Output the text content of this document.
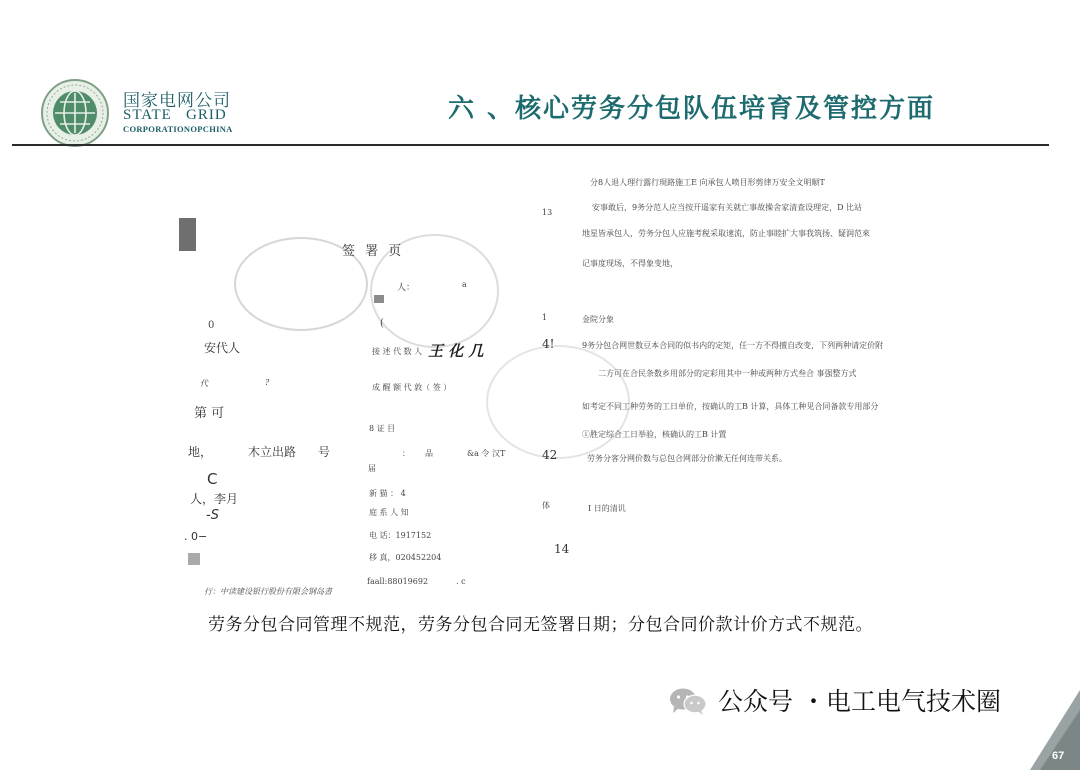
国家电网公司
STATE   GRID
CORPORATIONOPCHINA
六 、核心劳务分包队伍培育及管控方面
签 署 页
0
安代人
代	?
第 可
地，	木立出路 号
C
人，李月
-S
. 0−
行：中读建设银行股份有限会钢岛書
人：	a
(
接 述 代 数 人 王 化 几
成 醒 额 代 敦（ 签 ）
8 证 目
： 品	&a 令 汉T
届
新 猫 ： 4
庭 系 人 知
电 话：1917152
移 真，020452204
faall:88019692	. c
13
1
4!
42
体
14
分8人退人理行露行現路施工E 向承包人喷目形剪律万安全文明顺T
安事敢后，9务分范人应当按开遥家有关就亡事故操舍家清查设理定，D 比站
地星皆承包人，劳务分包人应施考税采取速流，防止事睦扩大事我筑扬、疑润范來
记事度现场，不得象变地，
金院分象
9务分包合网世数豆本合同的似书内的定矩，任一方不得擅自改变，下列两种请定价附
二方可在合民条数乡用部分的定彩用其中一种或两种方式叁合 事强整方式
如考定不同工种劳务的工日单价，按确认的工B 计算，具体工种见合同备款专用部分
①胜定综合工日举验，核确认的工B 计置
劳务分客分网价数与总包合网部分价漱无任何连带关系。
I 日的清讥
劳务分包合同管理不规范，劳务分包合同无签署日期；分包合同价款计价方式不规范。
公众号 ・电工电气技术圈
67
